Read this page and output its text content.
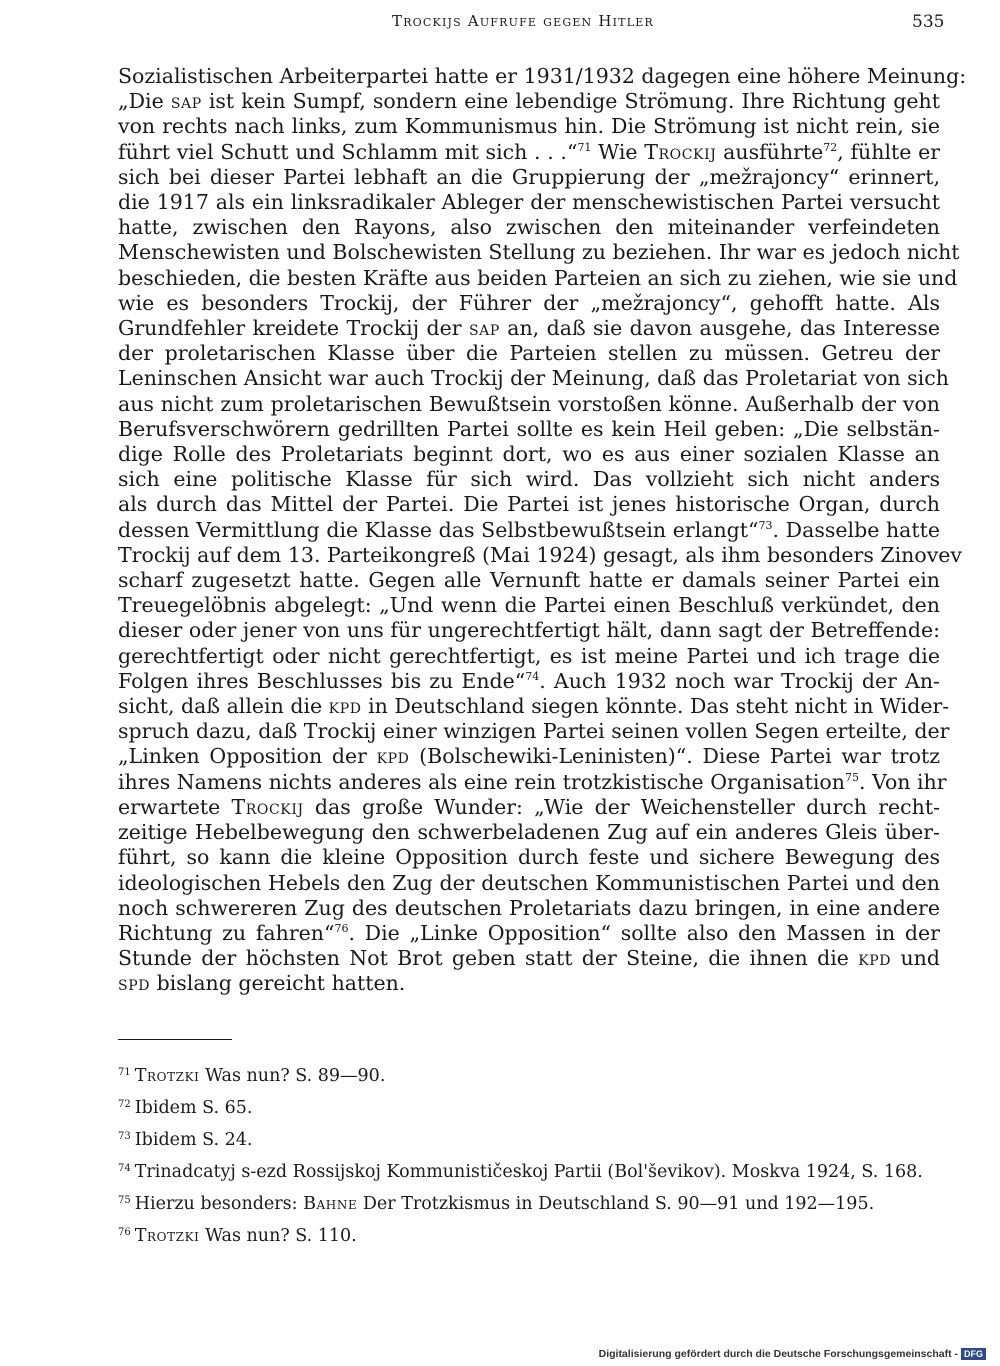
Trockijs Aufrufe gegen Hitler	535
Sozialistischen Arbeiterpartei hatte er 1931/1932 dagegen eine höhere Meinung:
„Die sap ist kein Sumpf, sondern eine lebendige Strömung. Ihre Richtung geht
von rechts nach links, zum Kommunismus hin. Die Strömung ist nicht rein, sie
führt viel Schutt und Schlamm mit sich . . .“$^{71}$ Wie Trockij ausführte$^{72}$, fühlte er
sich bei dieser Partei lebhaft an die Gruppierung der „mežrajoncy“ erinnert,
die 1917 als ein linksradikaler Ableger der menschewistischen Partei versucht
hatte, zwischen den Rayons, also zwischen den miteinander verfeindeten
Menschewisten und Bolschewisten Stellung zu beziehen. Ihr war es jedoch nicht
beschieden, die besten Kräfte aus beiden Parteien an sich zu ziehen, wie sie und
wie es besonders Trockij, der Führer der „mežrajoncy“, gehofft hatte. Als
Grundfehler kreidete Trockij der sap an, daß sie davon ausgehe, das Interesse
der proletarischen Klasse über die Parteien stellen zu müssen. Getreu der
Leninschen Ansicht war auch Trockij der Meinung, daß das Proletariat von sich
aus nicht zum proletarischen Bewußtsein vorstoßen könne. Außerhalb der von
Berufsverschwörern gedrillten Partei sollte es kein Heil geben: „Die selbstän-
dige Rolle des Proletariats beginnt dort, wo es aus einer sozialen Klasse an
sich eine politische Klasse für sich wird. Das vollzieht sich nicht anders
als durch das Mittel der Partei. Die Partei ist jenes historische Organ, durch
dessen Vermittlung die Klasse das Selbstbewußtsein erlangt“$^{73}$. Dasselbe hatte
Trockij auf dem 13. Parteikongreß (Mai 1924) gesagt, als ihm besonders Zinovev
scharf zugesetzt hatte. Gegen alle Vernunft hatte er damals seiner Partei ein
Treuegelöbnis abgelegt: „Und wenn die Partei einen Beschluß verkündet, den
dieser oder jener von uns für ungerechtfertigt hält, dann sagt der Betreffende:
gerechtfertigt oder nicht gerechtfertigt, es ist meine Partei und ich trage die
Folgen ihres Beschlusses bis zu Ende“$^{74}$. Auch 1932 noch war Trockij der An-
sicht, daß allein die kpd in Deutschland siegen könnte. Das steht nicht in Wider-
spruch dazu, daß Trockij einer winzigen Partei seinen vollen Segen erteilte, der
„Linken Opposition der kpd (Bolschewiki-Leninisten)“. Diese Partei war trotz
ihres Namens nichts anderes als eine rein trotzkistische Organisation$^{75}$. Von ihr
erwartete Trockij das große Wunder: „Wie der Weichensteller durch recht-
zeitige Hebelbewegung den schwerbeladenen Zug auf ein anderes Gleis über-
führt, so kann die kleine Opposition durch feste und sichere Bewegung des
ideologischen Hebels den Zug der deutschen Kommunistischen Partei und den
noch schwereren Zug des deutschen Proletariats dazu bringen, in eine andere
Richtung zu fahren“$^{76}$. Die „Linke Opposition“ sollte also den Massen in der
Stunde der höchsten Not Brot geben statt der Steine, die ihnen die kpd und
spd bislang gereicht hatten.
$^{71}$ Trotzki Was nun? S. 89—90.
$^{72}$ Ibidem S. 65.
$^{73}$ Ibidem S. 24.
$^{74}$ Trinadcatyj s-ezd Rossijskoj Kommunističeskoj Partii (Bol'ševikov). Moskva 1924, S. 168.
$^{75}$ Hierzu besonders: Bahne Der Trotzkismus in Deutschland S. 90—91 und 192—195.
$^{76}$ Trotzki Was nun? S. 110.
Digitalisierung gefördert durch die Deutsche Forschungsgemeinschaft - DFG
